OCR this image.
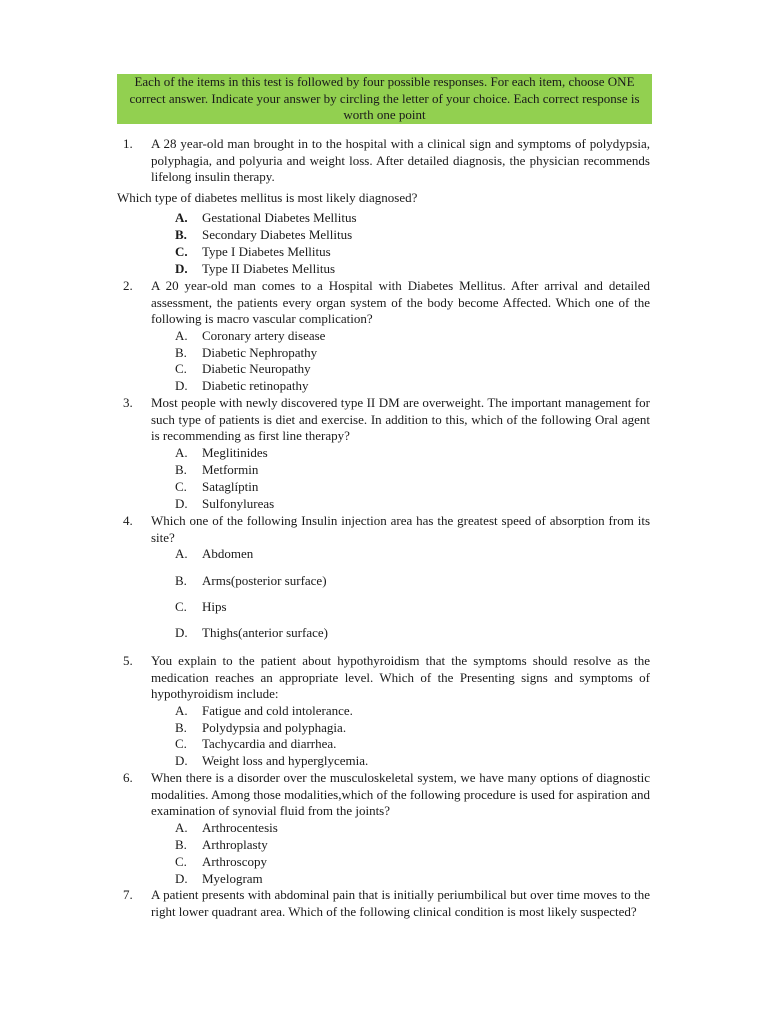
Each of the items in this test is followed by four possible responses. For each item, choose ONE correct answer. Indicate your answer by circling the letter of your choice. Each correct response is worth one point
1. A 28 year-old man brought in to the hospital with a clinical sign and symptoms of polydypsia, polyphagia, and polyuria and weight loss. After detailed diagnosis, the physician recommends lifelong insulin therapy.
Which type of diabetes mellitus is most likely diagnosed?
A. Gestational Diabetes Mellitus
B. Secondary Diabetes Mellitus
C. Type I Diabetes Mellitus
D. Type II Diabetes Mellitus
2. A 20 year-old man comes to a Hospital with Diabetes Mellitus. After arrival and detailed assessment, the patients every organ system of the body become Affected. Which one of the following is macro vascular complication?
A. Coronary artery disease
B. Diabetic Nephropathy
C. Diabetic Neuropathy
D. Diabetic retinopathy
3. Most people with newly discovered type II DM are overweight. The important management for such type of patients is diet and exercise. In addition to this, which of the following Oral agent is recommending as first line therapy?
A. Meglitinides
B. Metformin
C. Sataglíptin
D. Sulfonylureas
4. Which one of the following Insulin injection area has the greatest speed of absorption from its site?
A. Abdomen
B. Arms(posterior surface)
C. Hips
D. Thighs(anterior surface)
5. You explain to the patient about hypothyroidism that the symptoms should resolve as the medication reaches an appropriate level. Which of the Presenting signs and symptoms of hypothyroidism include:
A. Fatigue and cold intolerance.
B. Polydypsia and polyphagia.
C. Tachycardia and diarrhea.
D. Weight loss and hyperglycemia.
6. When there is a disorder over the musculoskeletal system, we have many options of diagnostic modalities. Among those modalities,which of the following procedure is used for aspiration and examination of synovial fluid from the joints?
A. Arthrocentesis
B. Arthroplasty
C. Arthroscopy
D. Myelogram
7. A patient presents with abdominal pain that is initially periumbilical but over time moves to the right lower quadrant area. Which of the following clinical condition is most likely suspected?
